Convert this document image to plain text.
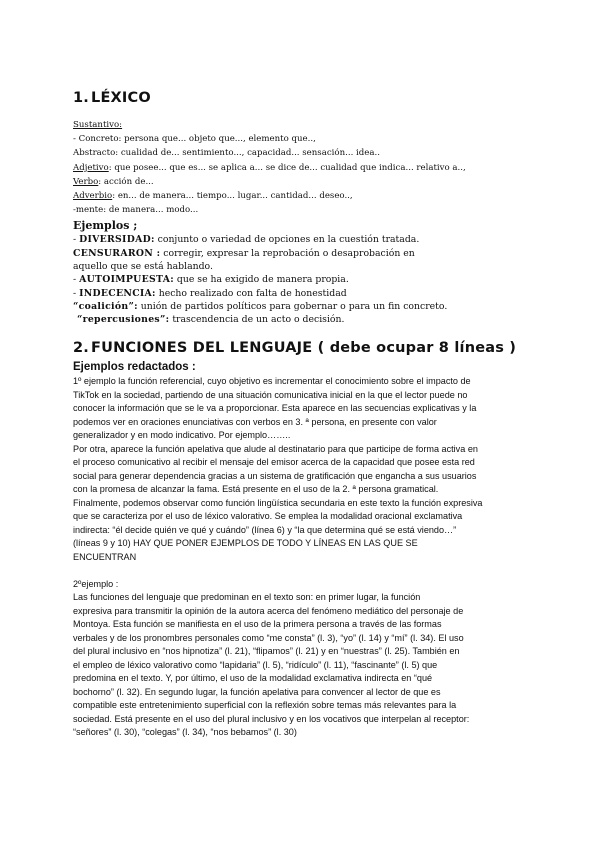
1. LÉXICO
Sustantivo:
- Concreto: persona que... objeto que..., elemento que..,
Abstracto: cualidad de... sentimiento..., capacidad... sensación... idea..
Adjetivo: que posee... que es... se aplica a... se dice de... cualidad que indica... relativo a..,
Verbo: acción de...
Adverbio: en... de manera... tiempo... lugar... cantidad... deseo..,
-mente: de manera... modo...
Ejemplos ;
- DIVERSIDAD: conjunto o variedad de opciones en la cuestión tratada.
CENSURARON : corregir, expresar la reprobación o desaprobación en
aquello que se está hablando.
- AUTOIMPUESTA: que se ha exigido de manera propia.
- INDECENCIA: hecho realizado con falta de honestidad
“coalición”: unión de partidos políticos para gobernar o para un fin concreto.
“repercusiones”: trascendencia de un acto o decisión.
2. FUNCIONES DEL LENGUAJE ( debe ocupar 8 líneas )
Ejemplos redactados :
1º ejemplo la función referencial, cuyo objetivo es incrementar el conocimiento sobre el impacto de
TikTok en la sociedad, partiendo de una situación comunicativa inicial en la que el lector puede no
conocer la información que se le va a proporcionar. Esta aparece en las secuencias explicativas y la
podemos ver en oraciones enunciativas con verbos en 3. ª persona, en presente con valor
generalizador y en modo indicativo. Por ejemplo……..
Por otra, aparece la función apelativa que alude al destinatario para que participe de forma activa en
el proceso comunicativo al recibir el mensaje del emisor acerca de la capacidad que posee esta red
social para generar dependencia gracias a un sistema de gratificación que engancha a sus usuarios
con la promesa de alcanzar la fama. Está presente en el uso de la 2. ª persona gramatical.
Finalmente, podemos observar como función lingüística secundaria en este texto la función expresiva
que se caracteriza por el uso de léxico valorativo. Se emplea la modalidad oracional exclamativa
indirecta: “él decide quién ve qué y cuándo” (línea 6) y “la que determina qué se está viendo…”
(líneas 9 y 10) HAY QUE PONER EJEMPLOS DE TODO Y LÍNEAS EN LAS QUE SE
ENCUENTRAN
2ºejemplo :
Las funciones del lenguaje que predominan en el texto son: en primer lugar, la función
expresiva para transmitir la opinión de la autora acerca del fenómeno mediático del personaje de
Montoya. Esta función se manifiesta en el uso de la primera persona a través de las formas
verbales y de los pronombres personales como “me consta” (l. 3), “yo” (l. 14) y “mí” (l. 34). El uso
del plural inclusivo en “nos hipnotiza” (l. 21), “flipamos” (l. 21) y en “nuestras” (l. 25). También en
el empleo de léxico valorativo como “lapidaria” (l. 5), “ridículo” (l. 11), “fascinante” (l. 5) que
predomina en el texto. Y, por último, el uso de la modalidad exclamativa indirecta en “qué
bochorno” (l. 32). En segundo lugar, la función apelativa para convencer al lector de que es
compatible este entretenimiento superficial con la reflexión sobre temas más relevantes para la
sociedad. Está presente en el uso del plural inclusivo y en los vocativos que interpelan al receptor:
“señores” (l. 30), “colegas” (l. 34), “nos bebamos” (l. 30)
